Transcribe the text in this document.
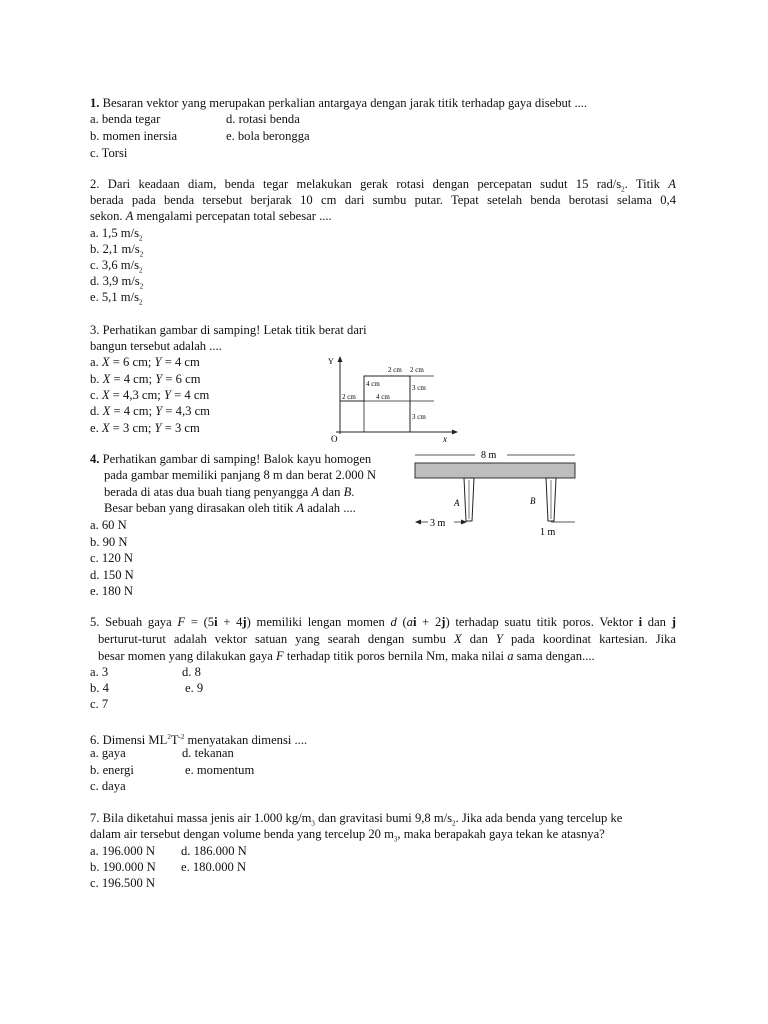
1. Besaran vektor yang merupakan perkalian antargaya dengan jarak titik terhadap gaya disebut ....
a. benda tegar	d. rotasi benda
b. momen inersia	e. bola berongga
c. Torsi
2. Dari keadaan diam, benda tegar melakukan gerak rotasi dengan percepatan sudut 15 rad/$s_2$. Titik A
berada pada benda tersebut berjarak 10 cm dari sumbu putar. Tepat setelah benda berotasi selama 0,4
sekon. A mengalami percepatan total sebesar ....
a. 1,5 $m/s_2$
b. 2,1 $m/s_2$
c. 3,6 $m/s_2$
d. 3,9 $m/s_2$
e. 5,1 $m/s_2$
3. Perhatikan gambar di samping! Letak titik berat dari
bangun tersebut adalah ....
a. X = 6 cm; Y = 4 cm
b. X = 4 cm; Y = 6 cm
c. X = 4,3 cm; Y = 4 cm
d. X = 4 cm; Y = 4,3 cm
e. X = 3 cm; Y = 3 cm
Y
x
O
2 cm 2 cm
4 cm
2 cm	4 cm
3 cm
3 cm
4. Perhatikan gambar di samping! Balok kayu homogen
pada gambar memiliki panjang 8 m dan berat 2.000 N
berada di atas dua buah tiang penyangga A dan B.
Besar beban yang dirasakan oleh titik A adalah ....
a. 60 N
b. 90 N
c. 120 N
d. 150 N
e. 180 N
8 m
A	B
3 m
1 m
5. Sebuah gaya F = (5i + 4j) memiliki lengan momen d (ai + 2j) terhadap suatu titik poros. Vektor i dan j
berturut-turut adalah vektor satuan yang searah dengan sumbu X dan Y pada koordinat kartesian. Jika
besar momen yang dilakukan gaya F terhadap titik poros bernila Nm, maka nilai a sama dengan....
a. 3	d. 8
b. 4	e. 9
c. 7
6. Dimensi $ML^2T^{-2}$ menyatakan dimensi ....
a. gaya	d. tekanan
b. energi	e. momentum
c. daya
7. Bila diketahui massa jenis air 1.000 $kg/m_3$ dan gravitasi bumi 9,8 $m/s_2$. Jika ada benda yang tercelup ke
dalam air tersebut dengan volume benda yang tercelup 20 $m_3$, maka berapakah gaya tekan ke atasnya?
a. 196.000 N d. 186.000 N
b. 190.000 N e. 180.000 N
c. 196.500 N
